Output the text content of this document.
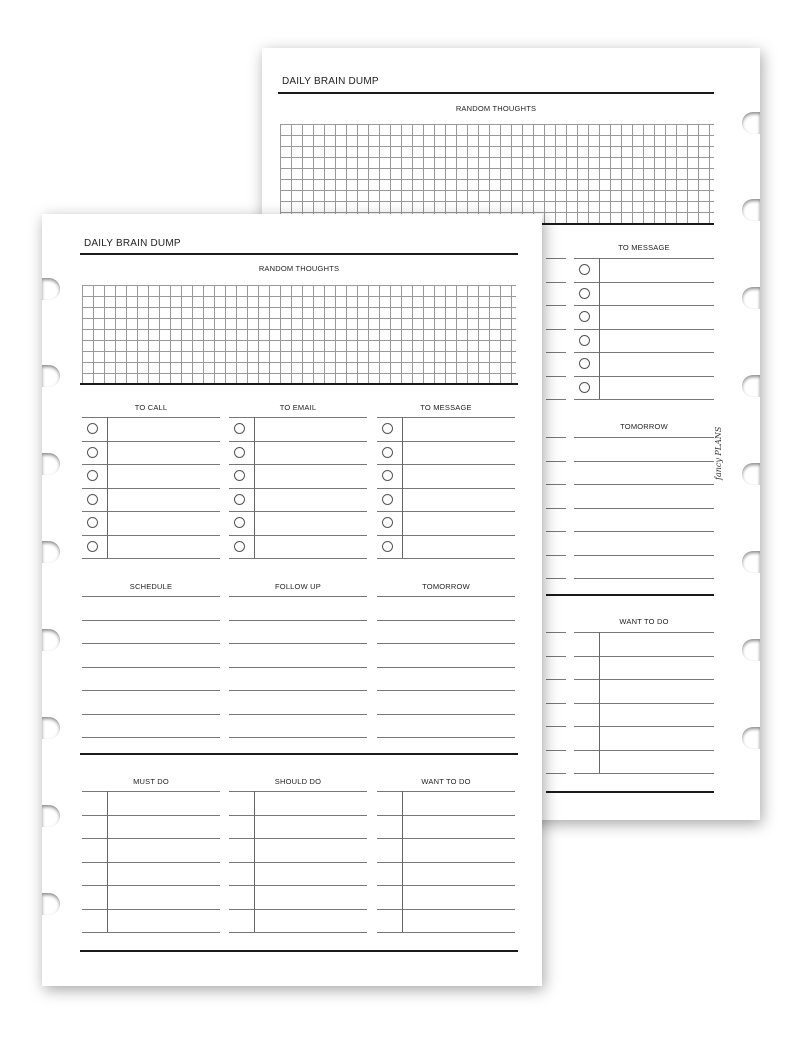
DAILY BRAIN DUMP
RANDOM THOUGHTS
TO MESSAGE
TOMORROW
WANT TO DO
fancy PLANS
DAILY BRAIN DUMP
RANDOM THOUGHTS
TO CALL	TO EMAIL	TO MESSAGE
SCHEDULE	FOLLOW UP	TOMORROW
MUST DO	SHOULD DO	WANT TO DO
